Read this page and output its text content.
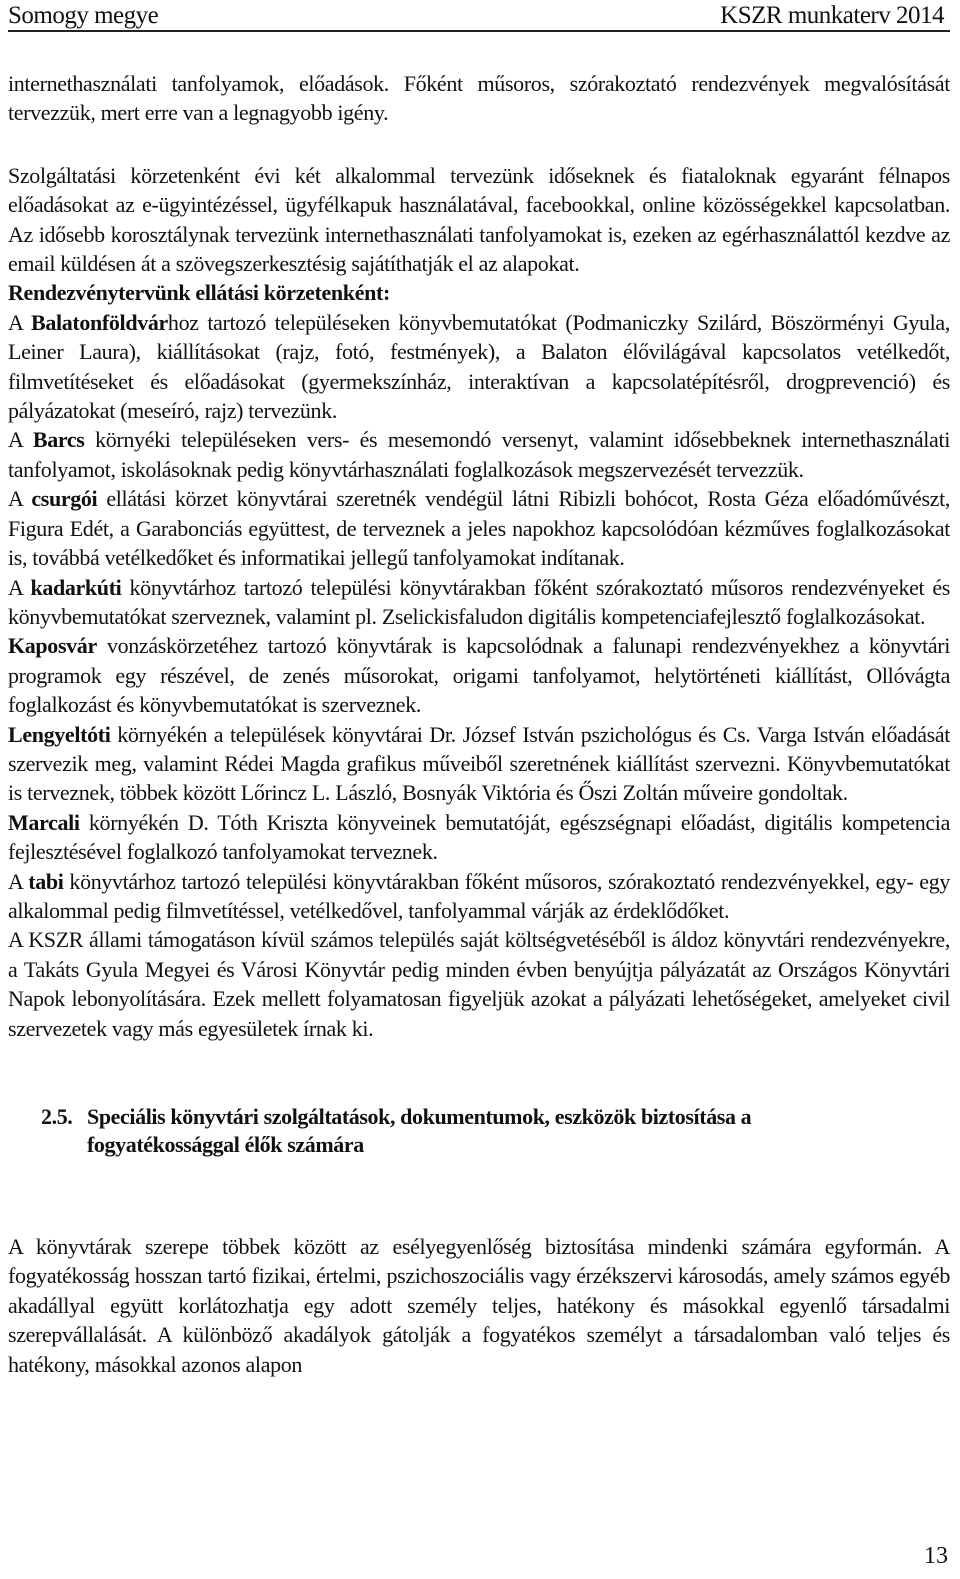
Somogy megye	KSZR munkaterv 2014

internethasználati tanfolyamok, előadások. Főként műsoros, szórakoztató rendezvények megvalósítását tervezzük, mert erre van a legnagyobb igény.

Szolgáltatási körzetenként évi két alkalommal tervezünk időseknek és fiataloknak egyaránt félnapos előadásokat az e-ügyintézéssel, ügyfélkapuk használatával, facebookkal, online közösségekkel kapcsolatban. Az idősebb korosztálynak tervezünk internethasználati tanfolyamokat is, ezeken az egérhasználattól kezdve az email küldésen át a szövegszerkesztésig sajátíthatják el az alapokat.

Rendezvénytervünk ellátási körzetenként:

A Balatonföldvárhoz tartozó településeken könyvbemutatókat (Podmaniczky Szilárd, Böszörményi Gyula, Leiner Laura), kiállításokat (rajz, fotó, festmények), a Balaton élővilágával kapcsolatos vetélkedőt, filmvetítéseket és előadásokat (gyermekszínház, interaktívan a kapcsolatépítésről, drogprevenció) és pályázatokat (meseíró, rajz) tervezünk.

A Barcs környéki településeken vers- és mesemondó versenyt, valamint idősebbeknek internethasználati tanfolyamot, iskolásoknak pedig könyvtárhasználati foglalkozások megszervezését tervezzük.

A csurgói ellátási körzet könyvtárai szeretnék vendégül látni Ribizli bohócot, Rosta Géza előadóművészt, Figura Edét, a Garabonciás együttest, de terveznek a jeles napokhoz kapcsolódóan kézműves foglalkozásokat is, továbbá vetélkedőket és informatikai jellegű tanfolyamokat indítanak.

A kadarkúti könyvtárhoz tartozó települési könyvtárakban főként szórakoztató műsoros rendezvényeket és könyvbemutatókat szerveznek, valamint pl. Zselickisfaludon digitális kompetenciafejlesztő foglalkozásokat.

Kaposvár vonzáskörzetéhez tartozó könyvtárak is kapcsolódnak a falunapi rendezvényekhez a könyvtári programok egy részével, de zenés műsorokat, origami tanfolyamot, helytörténeti kiállítást, Ollóvágta foglalkozást és könyvbemutatókat is szerveznek.

Lengyeltóti környékén a települések könyvtárai Dr. József István pszichológus és Cs. Varga István előadását szervezik meg, valamint Rédei Magda grafikus műveiből szeretnének kiállítást szervezni. Könyvbemutatókat is terveznek, többek között Lőrincz L. László, Bosnyák Viktória és Őszi Zoltán műveire gondoltak.

Marcali környékén D. Tóth Kriszta könyveinek bemutatóját, egészségnapi előadást, digitális kompetencia fejlesztésével foglalkozó tanfolyamokat terveznek.

A tabi könyvtárhoz tartozó települési könyvtárakban főként műsoros, szórakoztató rendezvényekkel, egy- egy alkalommal pedig filmvetítéssel, vetélkedővel, tanfolyammal várják az érdeklődőket.

A KSZR állami támogatáson kívül számos település saját költségvetéséből is áldoz könyvtári rendezvényekre, a Takáts Gyula Megyei és Városi Könyvtár pedig minden évben benyújtja pályázatát az Országos Könyvtári Napok lebonyolítására. Ezek mellett folyamatosan figyeljük azokat a pályázati lehetőségeket, amelyeket civil szervezetek vagy más egyesületek írnak ki.

2.5. Speciális könyvtári szolgáltatások, dokumentumok, eszközök biztosítása a fogyatékossággal élők számára

A könyvtárak szerepe többek között az esélyegyenlőség biztosítása mindenki számára egyformán. A fogyatékosság hosszan tartó fizikai, értelmi, pszichoszociális vagy érzékszervi károsodás, amely számos egyéb akadállyal együtt korlátozhatja egy adott személy teljes, hatékony és másokkal egyenlő társadalmi szerepvállalását. A különböző akadályok gátolják a fogyatékos személyt a társadalomban való teljes és hatékony, másokkal azonos alapon

13
